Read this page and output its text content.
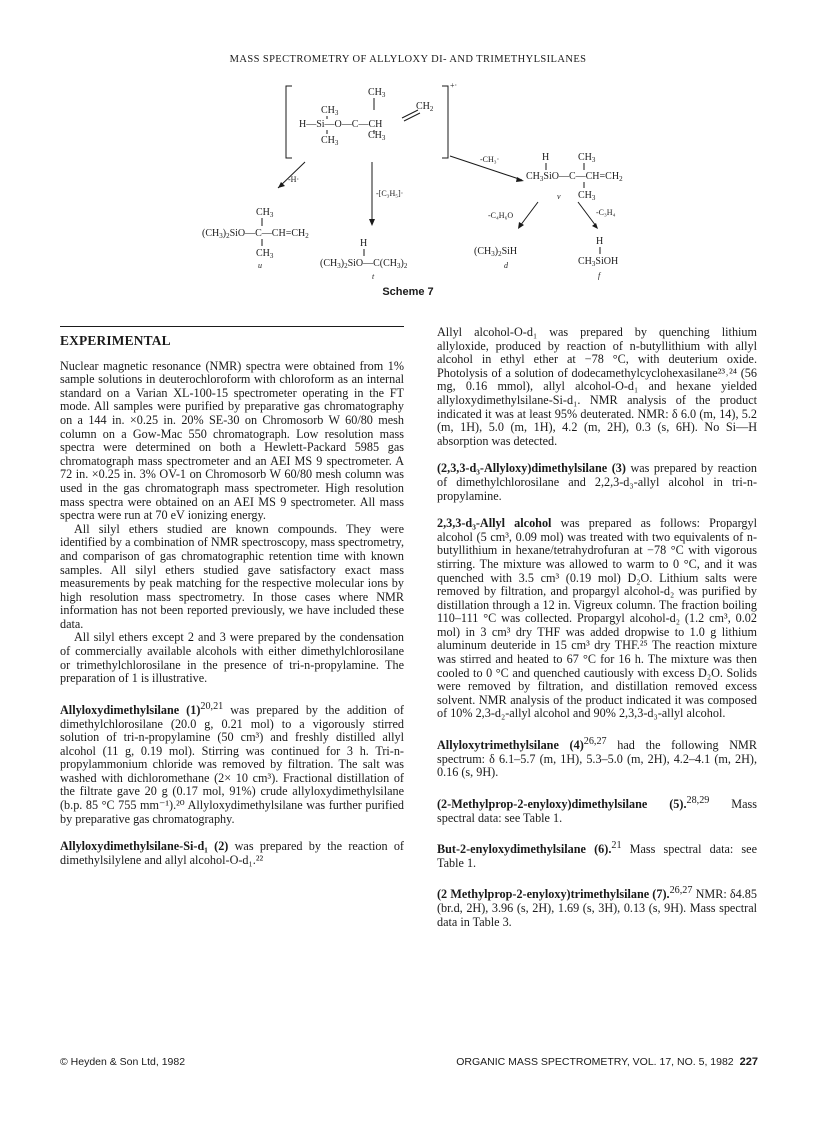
MASS SPECTROMETRY OF ALLYLOXY DI- AND TRIMETHYLSILANES
+·
$CH_3$
$CH_3$
H—Si—O—C—CH
$CH_3$
$CH_3$
$CH_2$
-H·
-[C₃H₅]·
-CH₃·
-C₄H₆O	-C₃H₄
$CH_3$
$(CH_3)_2SiO—C—CH=CH_2$
$CH_3$
u
H
$(CH_3)_2SiO—C(CH_3)_2$
t
H	$CH_3$
$CH_3SiO—C—CH=CH_2$
$CH_3$
v
$(CH_3)_2SiH$
d
H
$CH_3SiOH$
f
Scheme 7
EXPERIMENTAL

Nuclear magnetic resonance (NMR) spectra were obtained from 1% sample solutions in deuterochloroform with chloroform as an internal standard on a Varian XL-100-15 spectrometer operating in the FT mode. All samples were purified by preparative gas chromatography on a 144 in. ×0.25 in. 20% SE-30 on Chromosorb W 60/80 mesh column on a Gow-Mac 550 chromatograph. Low resolution mass spectra were determined on both a Hewlett-Packard 5985 gas chromatograph mass spectrometer and an AEI MS 9 spectrometer. A 72 in. ×0.25 in. 3% OV-1 on Chromosorb W 60/80 mesh column was used in the gas chromatograph mass spectrometer. High resolution mass spectra were obtained on an AEI MS 9 spectrometer. All mass spectra were run at 70 eV ionizing energy.

All silyl ethers studied are known compounds. They were identified by a combination of NMR spectroscopy, mass spectrometry, and comparison of gas chromatographic retention time with known samples. All silyl ethers studied gave satisfactory exact mass measurements by peak matching for the respective molecular ions by high resolution mass spectrometry. In those cases where NMR information has not been reported previously, we have included these data.

All silyl ethers except 2 and 3 were prepared by the condensation of commercially available alcohols with either dimethylchlorosilane or trimethylchlorosilane in the presence of tri-n-propylamine. The preparation of 1 is illustrative.

Allyloxydimethylsilane $(1)^{20,21}$ was prepared by the addition of dimethylchlorosilane (20.0 g, 0.21 mol) to a vigorously stirred solution of tri-n-propylamine (50 cm³) and freshly distilled allyl alcohol (11 g, 0.19 mol). Stirring was continued for 3 h. Tri-n-propylammonium chloride was removed by filtration. The salt was washed with dichloromethane (2× 10 cm³). Fractional distillation of the filtrate gave 20 g (0.17 mol, 91%) crude allyloxydimethylsilane (b.p. 85 °C 755 mm⁻¹).²⁰ Allyloxydimethylsilane was further purified by preparative gas chromatography.

Allyloxydimethylsilane-Si-d₁ (2) was prepared by the reaction of dimethylsilylene and allyl alcohol-O-d₁.²²

Allyl alcohol-O-d₁ was prepared by quenching lithium allyloxide, produced by reaction of n-butyllithium with allyl alcohol in ethyl ether at −78 °C, with deuterium oxide. Photolysis of a solution of dodecamethylcyclohexasilane²³˒²⁴ (56 mg, 0.16 mmol), allyl alcohol-O-d₁ and hexane yielded allyloxydimethylsilane-Si-d₁. NMR analysis of the product indicated it was at least 95% deuterated. NMR: δ 6.0 (m, 14), 5.2 (m, 1H), 5.0 (m, 1H), 4.2 (m, 2H), 0.3 (s, 6H). No Si—H absorption was detected.

(2,3,3-d₃-Allyloxy)dimethylsilane (3) was prepared by reaction of dimethylchlorosilane and 2,2,3-d₃-allyl alcohol in tri-n-propylamine.

2,3,3-d₃-Allyl alcohol was prepared as follows: Propargyl alcohol (5 cm³, 0.09 mol) was treated with two equivalents of n-butyllithium in hexane/tetrahydrofuran at −78 °C with vigorous stirring. The mixture was allowed to warm to 0 °C, and it was quenched with 3.5 cm³ (0.19 mol) D₂O. Lithium salts were removed by filtration, and propargyl alcohol-d₂ was purified by distillation through a 12 in. Vigreux column. The fraction boiling 110–111 °C was collected. Propargyl alcohol-d₂ (1.2 cm³, 0.02 mol) in 3 cm³ dry THF was added dropwise to 1.0 g lithium aluminum deuteride in 15 cm³ dry THF.²⁵ The reaction mixture was stirred and heated to 67 °C for 16 h. The mixture was then cooled to 0 °C and quenched cautiously with excess D₂O. Solids were removed by filtration, and distillation removed excess solvent. NMR analysis of the product indicated it was composed of 10% 2,3-d₂-allyl alcohol and 90% 2,3,3-d₃-allyl alcohol.

Allyloxytrimethylsilane $(4)^{26,27}$ had the following NMR spectrum: δ 6.1–5.7 (m, 1H), 5.3–5.0 (m, 2H), 4.2–4.1 (m, 2H), 0.16 (s, 9H).

(2-Methylprop-2-enyloxy)dimethylsilane (5).$^{28,29}$ Mass spectral data: see Table 1.

But-2-enyloxydimethylsilane (6).$^{21}$ Mass spectral data: see Table 1.

(2 Methylprop-2-enyloxy)trimethylsilane (7).$^{26,27}$ NMR: δ4.85 (br.d, 2H), 3.96 (s, 2H), 1.69 (s, 3H), 0.13 (s, 9H). Mass spectral data in Table 3.

© Heyden & Son Ltd, 1982	ORGANIC MASS SPECTROMETRY, VOL. 17, NO. 5, 1982 227
